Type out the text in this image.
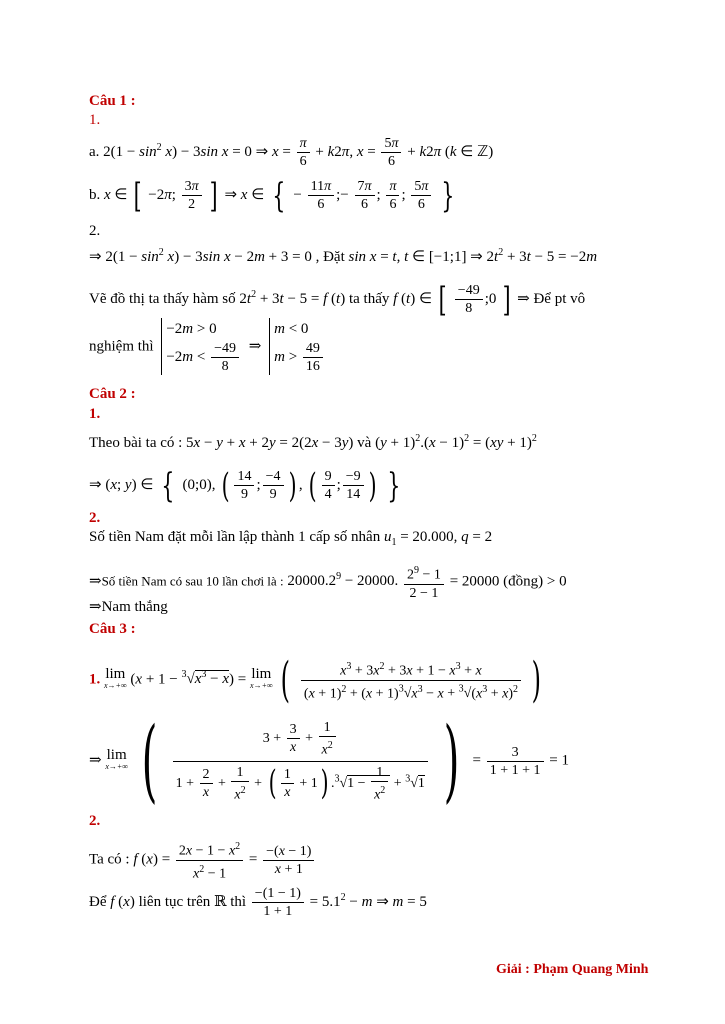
Câu 1 :
1.
a. $2(1 - \sin^2 x) - 3\sin$ x = 0 ⇒ $x = \frac{\pi}{6} + k2\pi$, $x = \frac{5\pi}{6} + k2\pi$ (k ∈ ℤ)
b. x ∈ [ −2π; $\frac{3\pi}{2}$ ] ⇒ x ∈ { − $\frac{11\pi}{6}$ ;− $\frac{7\pi}{6}$ ; $\frac{\pi}{6}$ ; $\frac{5\pi}{6}$ }
2.
⇒ $2(1 - \sin^2 x) - 3\sin$ x − 2m + 3 = 0 , Đặt sin x = t, t ∈ [−1;1] ⇒ $2t^2 + 3t - 5 = -2m$
Vẽ đồ thị ta thấy hàm số $2t^2 + 3t - 5 = f$ (t) ta thấy f (t) ∈ [ $\frac{-49}{8}$ ;0 ] ⇒ Để pt vô
nghiệm thì
−2m > 0
$-2m < \frac{-49}{8}$ ⇒
m < 0
$m > \frac{49}{16}$
Câu 2 :
1.
Theo bài ta có : 5x − y + x + 2y = 2(2x − 3y) và $(y + 1)^2.(x - 1)^2 = (xy + 1)^2$
⇒ (x; y) ∈ { (0;0), ( $\frac{14}{9}$ ; $\frac{-4}{9}$ ) , ( $\frac{9}{4}$ ; $\frac{-9}{14}$ ) }
2.
Số tiền Nam đặt mỗi lần lập thành 1 cấp số nhân $u_1 = 20.000$, q = 2
⇒Số tiền Nam có sau 10 lần chơi là : $20000.2^9 - 20000$. $\frac{2^9 - 1}{2 - 1} = 20000$ (đồng) > 0
⇒Nam thắng
Câu 3 :
1. lim
x→+∞ $(x + 1 - ^3√x^3 - x) = \lim$
x→+∞ ( $\frac{x^3 + 3x^2 + 3x + 1 - x^3 + x}{(x + 1)^2 + (x + 1)^3√x^3 - x + ^3√(x^3 + x)^2}$ )
⇒ lim
x→+∞ ( $\frac{3 + \frac{3}{x} + \frac{1}{x^2}}{1 + \frac{2}{x} + \frac{1}{x^2} + ( \frac{1}{x} + 1) .^3√1 - \frac{1}{x^2} + ^3√1}$ ) = $\frac{3}{1 + 1 + 1} = 1$
2.
Ta có : f $(x) = \frac{2x - 1 - x^2}{x^2 - 1} = \frac{-(x - 1)}{x + 1}$
Để f (x) liên tục trên ℝ thì $\frac{-(1 - 1)}{1 + 1} = 5.1^2 - m$ ⇒ m = 5
Giải : Phạm Quang Minh
